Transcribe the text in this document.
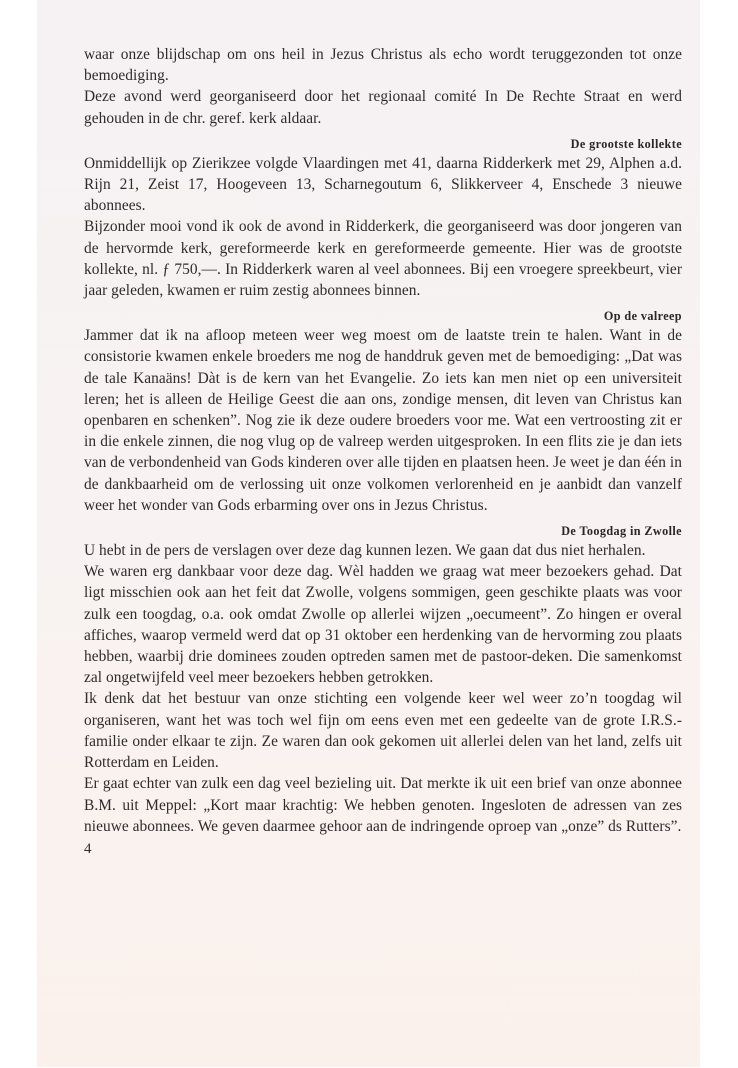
waar onze blijdschap om ons heil in Jezus Christus als echo wordt teruggezonden tot onze bemoediging.

Deze avond werd georganiseerd door het regionaal comité In De Rechte Straat en werd gehouden in de chr. geref. kerk aldaar.

De grootste kollekte

Onmiddellijk op Zierikzee volgde Vlaardingen met 41, daarna Ridderkerk met 29, Alphen a.d. Rijn 21, Zeist 17, Hoogeveen 13, Scharnegoutum 6, Slikkerveer 4, Enschede 3 nieuwe abonnees.

Bijzonder mooi vond ik ook de avond in Ridderkerk, die georganiseerd was door jongeren van de hervormde kerk, gereformeerde kerk en gereformeerde gemeente. Hier was de grootste kollekte, nl. ƒ 750,—. In Ridderkerk waren al veel abonnees. Bij een vroegere spreekbeurt, vier jaar geleden, kwamen er ruim zestig abonnees binnen.

Op de valreep

Jammer dat ik na afloop meteen weer weg moest om de laatste trein te halen. Want in de consistorie kwamen enkele broeders me nog de handdruk geven met de bemoediging: „Dat was de tale Kanaäns! Dàt is de kern van het Evangelie. Zo iets kan men niet op een universiteit leren; het is alleen de Heilige Geest die aan ons, zondige mensen, dit leven van Christus kan openbaren en schenken”. Nog zie ik deze oudere broeders voor me. Wat een vertroosting zit er in die enkele zinnen, die nog vlug op de valreep werden uitgesproken. In een flits zie je dan iets van de verbondenheid van Gods kinderen over alle tijden en plaatsen heen. Je weet je dan één in de dankbaarheid om de verlossing uit onze volkomen verlorenheid en je aanbidt dan vanzelf weer het wonder van Gods erbarming over ons in Jezus Christus.

De Toogdag in Zwolle

U hebt in de pers de verslagen over deze dag kunnen lezen. We gaan dat dus niet herhalen.

We waren erg dankbaar voor deze dag. Wèl hadden we graag wat meer bezoekers gehad. Dat ligt misschien ook aan het feit dat Zwolle, volgens sommigen, geen geschikte plaats was voor zulk een toogdag, o.a. ook omdat Zwolle op allerlei wijzen „oecumeent”. Zo hingen er overal affiches, waarop vermeld werd dat op 31 oktober een herdenking van de hervorming zou plaats hebben, waarbij drie dominees zouden optreden samen met de pastoor-deken. Die samenkomst zal ongetwijfeld veel meer bezoekers hebben getrokken.

Ik denk dat het bestuur van onze stichting een volgende keer wel weer zo’n toogdag wil organiseren, want het was toch wel fijn om eens even met een gedeelte van de grote I.R.S.-familie onder elkaar te zijn. Ze waren dan ook gekomen uit allerlei delen van het land, zelfs uit Rotterdam en Leiden.

Er gaat echter van zulk een dag veel bezieling uit. Dat merkte ik uit een brief van onze abonnee B.M. uit Meppel: „Kort maar krachtig: We hebben genoten. Ingesloten de adressen van zes nieuwe abonnees. We geven daarmee gehoor aan de indringende oproep van „onze” ds Rutters”.

4
